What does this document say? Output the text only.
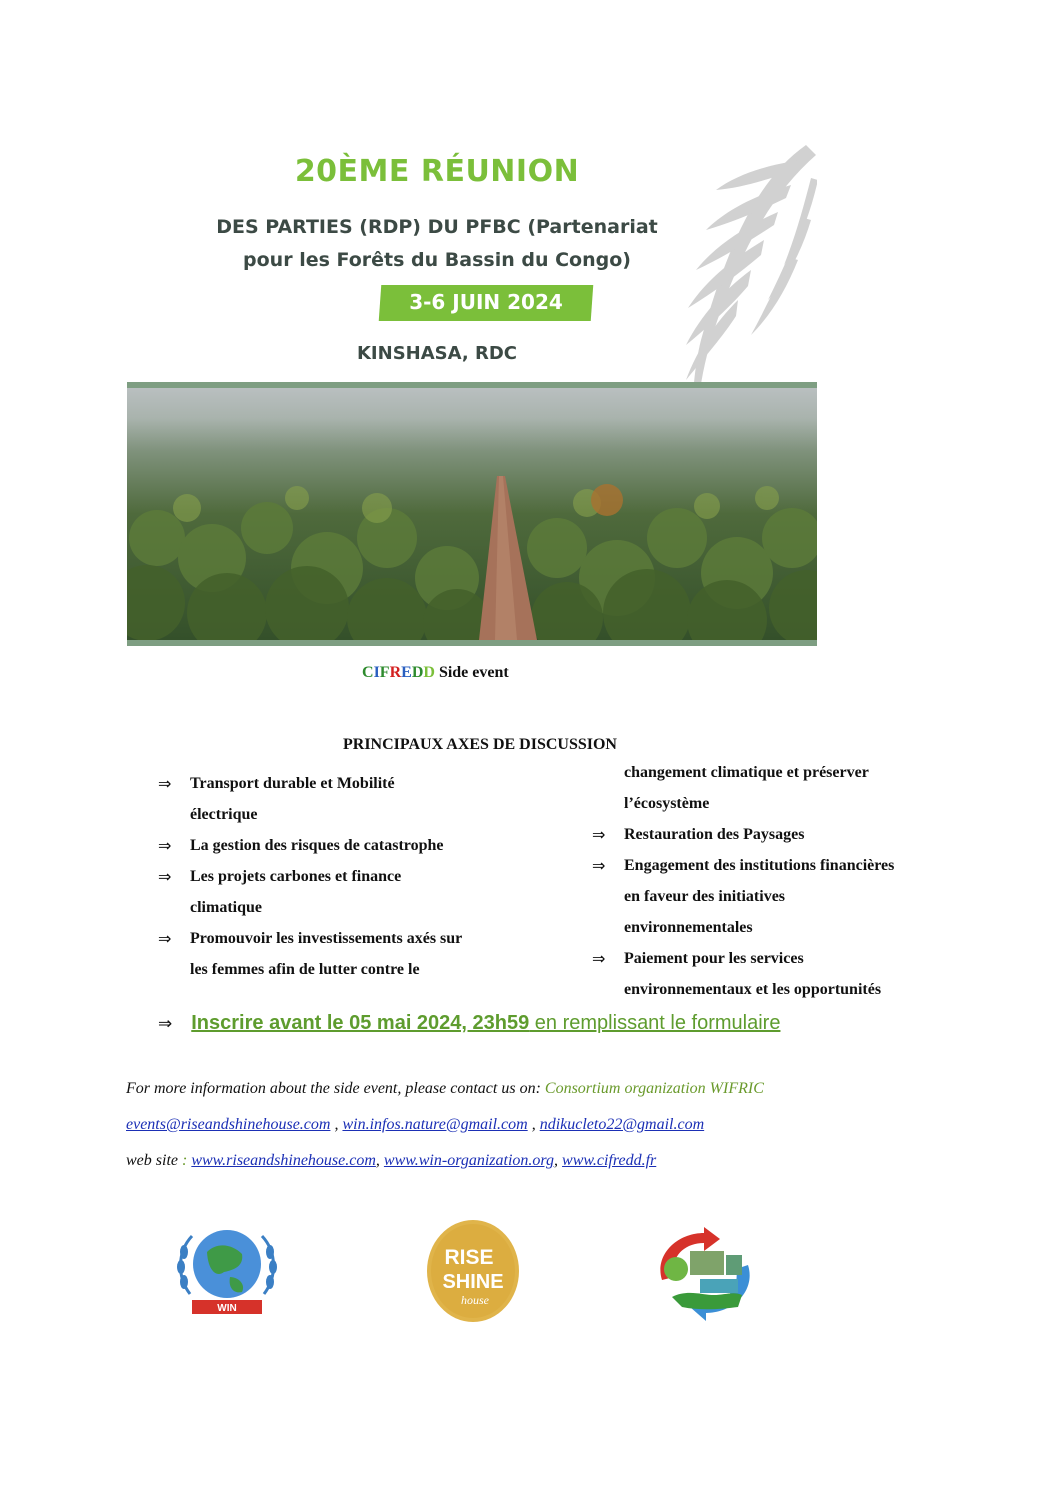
20ÈME RÉUNION
DES PARTIES (RDP) DU PFBC (Partenariat
pour les Forêts du Bassin du Congo)
3-6 JUIN 2024
KINSHASA, RDC
CIFREDD Side event
PRINCIPAUX AXES DE DISCUSSION
⇒ Transport durable et Mobilité
électrique
⇒ La gestion des risques de catastrophe
⇒ Les projets carbones et finance
climatique
⇒ Promouvoir les investissements axés sur
les femmes afin de lutter contre le
changement climatique et préserver
l’écosystème
⇒ Restauration des Paysages
⇒ Engagement des institutions financières
en faveur des initiatives
environnementales
⇒ Paiement pour les services
environnementaux et les opportunités
⇒ Inscrire avant le 05 mai 2024, 23h59 en remplissant le formulaire
For more information about the side event, please contact us on: Consortium organization WIFRIC
events@riseandshinehouse.com , win.infos.nature@gmail.com , ndikucleto22@gmail.com
web site : www.riseandshinehouse.com, www.win-organization.org, www.cifredd.fr
WIN
RISE
SHINE
house
